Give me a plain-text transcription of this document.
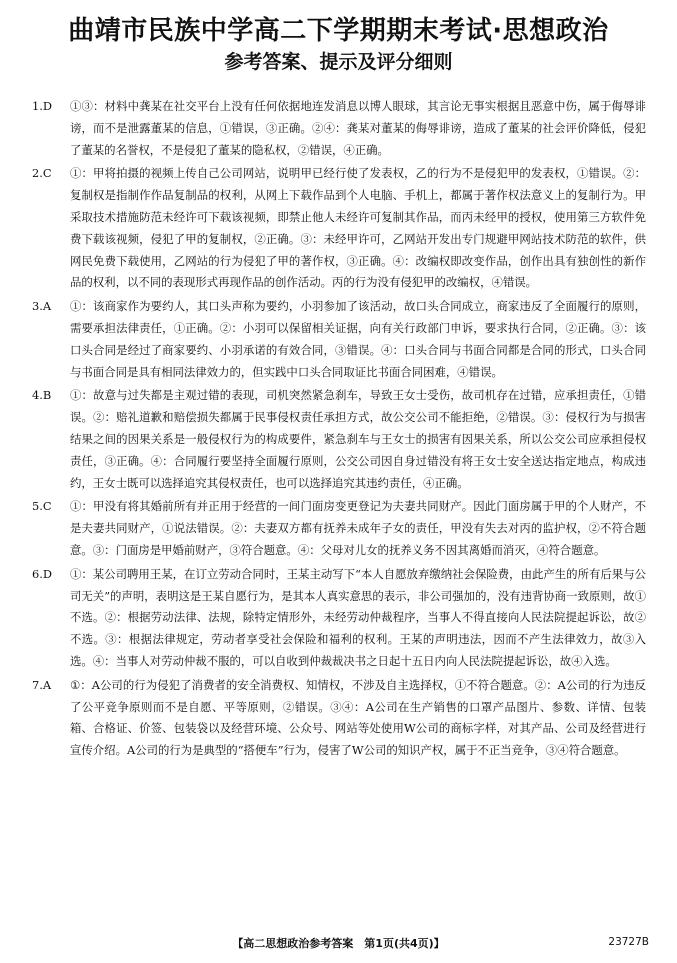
曲靖市民族中学高二下学期期末考试·思想政治
参考答案、提示及评分细则
1.D	①③：材料中龚某在社交平台上没有任何依据地连发消息以博人眼球，其言论无事实根据且恶意中伤，属于侮辱诽谤，而不是泄露董某的信息，①错误，③正确。②④：龚某对董某的侮辱诽谤，造成了董某的社会评价降低，侵犯了董某的名誉权，不是侵犯了董某的隐私权，②错误，④正确。
2.C	①：甲将拍摄的视频上传自己公司网站，说明甲已经行使了发表权，乙的行为不是侵犯甲的发表权，①错误。②：复制权是指制作作品复制品的权利，从网上下载作品到个人电脑、手机上，都属于著作权法意义上的复制行为。甲采取技术措施防范未经许可下载该视频，即禁止他人未经许可复制其作品，而丙未经甲的授权，使用第三方软件免费下载该视频，侵犯了甲的复制权，②正确。③：未经甲许可，乙网站开发出专门规避甲网站技术防范的软件，供网民免费下载使用，乙网站的行为侵犯了甲的著作权，③正确。④：改编权即改变作品，创作出具有独创性的新作品的权利，以不同的表现形式再现作品的创作活动。丙的行为没有侵犯甲的改编权，④错误。
3.A	①：该商家作为要约人，其口头声称为要约，小羽参加了该活动，故口头合同成立，商家违反了全面履行的原则，需要承担法律责任，①正确。②：小羽可以保留相关证据，向有关行政部门申诉，要求执行合同，②正确。③：该口头合同是经过了商家要约、小羽承诺的有效合同，③错误。④：口头合同与书面合同都是合同的形式，口头合同与书面合同是具有相同法律效力的，但实践中口头合同取证比书面合同困难，④错误。
4.B	①：故意与过失都是主观过错的表现，司机突然紧急刹车，导致王女士受伤，故司机存在过错，应承担责任，①错误。②：赔礼道歉和赔偿损失都属于民事侵权责任承担方式，故公交公司不能拒绝，②错误。③：侵权行为与损害结果之间的因果关系是一般侵权行为的构成要件，紧急刹车与王女士的损害有因果关系，所以公交公司应承担侵权责任，③正确。④：合同履行要坚持全面履行原则，公交公司因自身过错没有将王女士安全送达指定地点，构成违约，王女士既可以选择追究其侵权责任，也可以选择追究其违约责任，④正确。
5.C	①：甲没有将其婚前所有并正用于经营的一间门面房变更登记为夫妻共同财产。因此门面房属于甲的个人财产，不是夫妻共同财产，①说法错误。②：夫妻双方都有抚养未成年子女的责任，甲没有失去对丙的监护权，②不符合题意。③：门面房是甲婚前财产，③符合题意。④：父母对儿女的抚养义务不因其离婚而消灭，④符合题意。
6.D	①：某公司聘用王某，在订立劳动合同时，王某主动写下“本人自愿放弃缴纳社会保险费，由此产生的所有后果与公司无关”的声明，表明这是王某自愿行为，是其本人真实意思的表示，非公司强加的，没有违背协商一致原则，故①不选。②：根据劳动法律、法规，除特定情形外，未经劳动仲裁程序，当事人不得直接向人民法院提起诉讼，故②不选。③：根据法律规定，劳动者享受社会保险和福利的权利。王某的声明违法，因而不产生法律效力，故③入选。④：当事人对劳动仲裁不服的，可以自收到仲裁裁决书之日起十五日内向人民法院提起诉讼，故④入选。
7.A	①：A公司的行为侵犯了消费者的安全消费权、知情权，不涉及自主选择权，①不符合题意。②：A公司的行为违反了公平竞争原则而不是自愿、平等原则，②错误。③④：A公司在生产销售的口罩产品图片、参数、详情、包装箱、合格证、价签、包装袋以及经营环境、公众号、网站等处使用W公司的商标字样，对其产品、公司及经营进行宣传介绍。A公司的行为是典型的“搭便车”行为，侵害了W公司的知识产权，属于不正当竞争，③④符合题意。
【高二思想政治参考答案　第1页(共4页)】	23727B
